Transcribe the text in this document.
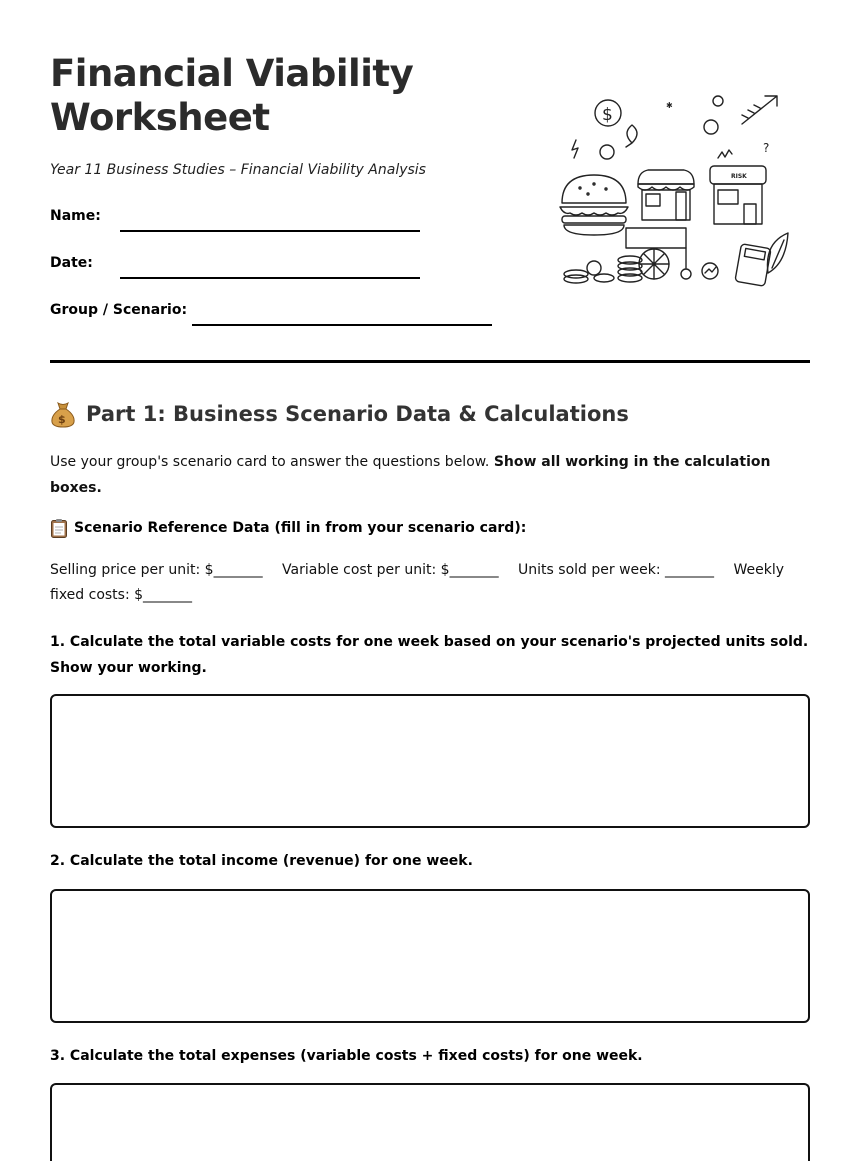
Financial Viability
Worksheet
Year 11 Business Studies – Financial Viability Analysis
Name:
Date:
Group / Scenario:
$	✱
?
RISK
$ Part 1: Business Scenario Data & Calculations
Use your group's scenario card to answer the questions below. Show all working in the calculation boxes.
Scenario Reference Data (fill in from your scenario card):
Selling price per unit: $_______ Variable cost per unit: $_______ Units sold per week: _______ Weekly fixed costs: $_______
1. Calculate the total variable costs for one week based on your scenario's projected units sold. Show your working.
2. Calculate the total income (revenue) for one week.
3. Calculate the total expenses (variable costs + fixed costs) for one week.
